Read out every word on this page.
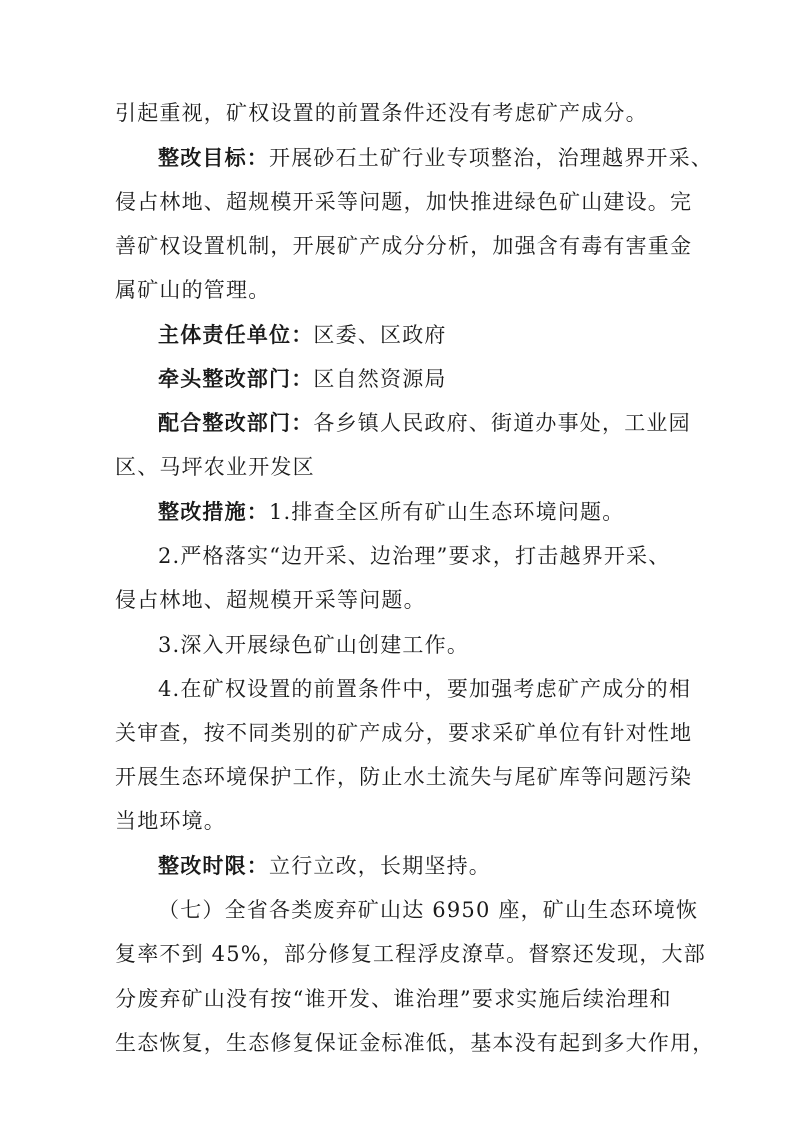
引起重视，矿权设置的前置条件还没有考虑矿产成分。
整改目标：开展砂石土矿行业专项整治，治理越界开采、
侵占林地、超规模开采等问题，加快推进绿色矿山建设。完
善矿权设置机制，开展矿产成分分析，加强含有毒有害重金
属矿山的管理。
主体责任单位：区委、区政府
牵头整改部门：区自然资源局
配合整改部门：各乡镇人民政府、街道办事处，工业园
区、马坪农业开发区
整改措施：1.排查全区所有矿山生态环境问题。
2.严格落实“边开采、边治理”要求，打击越界开采、
侵占林地、超规模开采等问题。
3.深入开展绿色矿山创建工作。
4.在矿权设置的前置条件中，要加强考虑矿产成分的相
关审查，按不同类别的矿产成分，要求采矿单位有针对性地
开展生态环境保护工作，防止水土流失与尾矿库等问题污染
当地环境。
整改时限：立行立改，长期坚持。
（七）全省各类废弃矿山达 6950 座，矿山生态环境恢
复率不到 45%，部分修复工程浮皮潦草。督察还发现，大部
分废弃矿山没有按“谁开发、谁治理”要求实施后续治理和
生态恢复，生态修复保证金标准低，基本没有起到多大作用，
